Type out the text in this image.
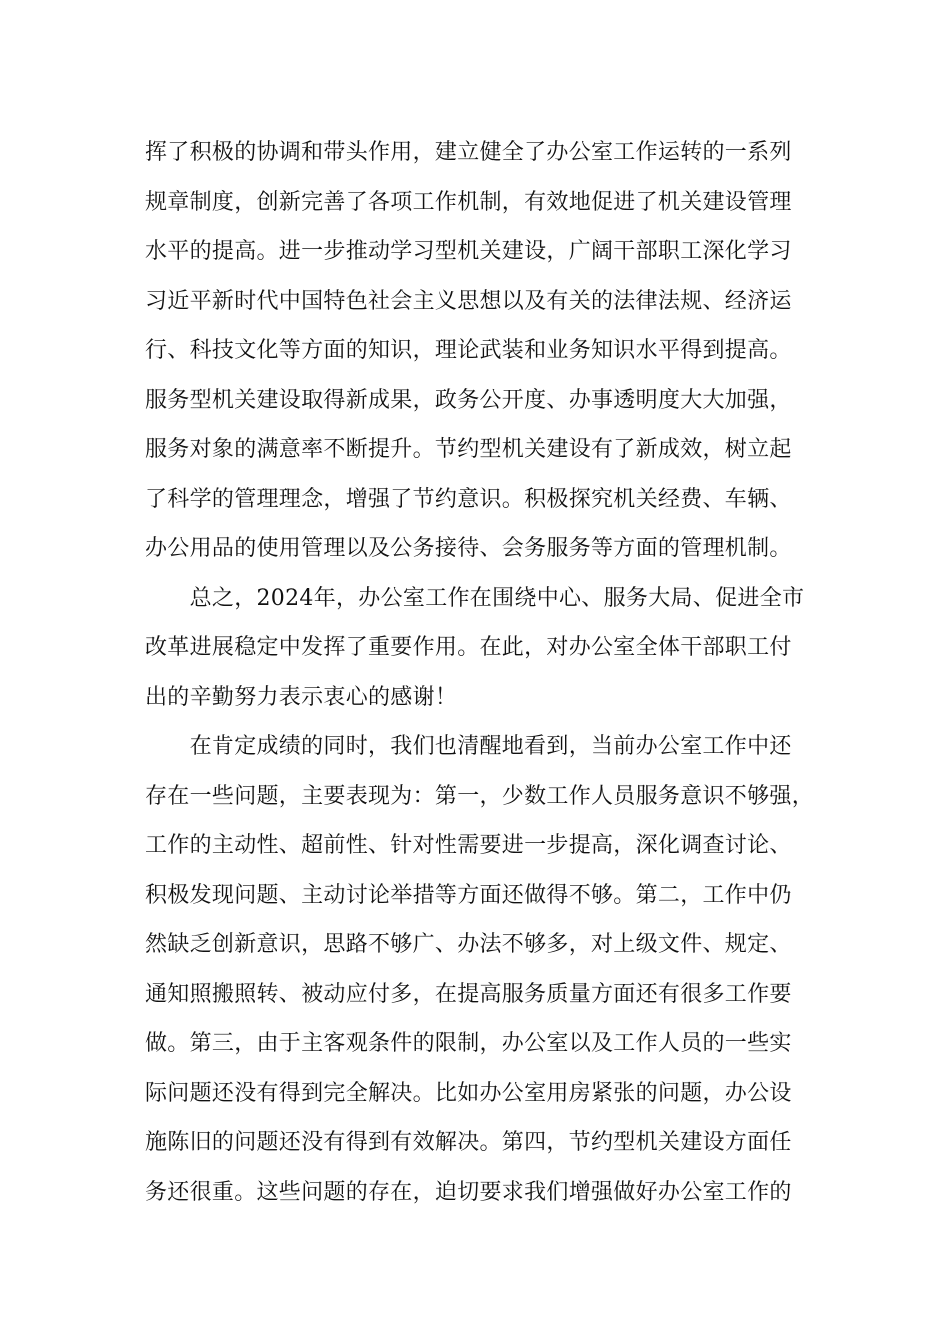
挥了积极的协调和带头作用，建立健全了办公室工作运转的一系列
规章制度，创新完善了各项工作机制，有效地促进了机关建设管理
水平的提高。进一步推动学习型机关建设，广阔干部职工深化学习
习近平新时代中国特色社会主义思想以及有关的法律法规、经济运
行、科技文化等方面的知识，理论武装和业务知识水平得到提高。
服务型机关建设取得新成果，政务公开度、办事透明度大大加强，
服务对象的满意率不断提升。节约型机关建设有了新成效，树立起
了科学的管理理念，增强了节约意识。积极探究机关经费、车辆、
办公用品的使用管理以及公务接待、会务服务等方面的管理机制。
　　总之，2024年，办公室工作在围绕中心、服务大局、促进全市
改革进展稳定中发挥了重要作用。在此，对办公室全体干部职工付
出的辛勤努力表示衷心的感谢！
　　在肯定成绩的同时，我们也清醒地看到，当前办公室工作中还
存在一些问题，主要表现为：第一，少数工作人员服务意识不够强，
工作的主动性、超前性、针对性需要进一步提高，深化调查讨论、
积极发现问题、主动讨论举措等方面还做得不够。第二，工作中仍
然缺乏创新意识，思路不够广、办法不够多，对上级文件、规定、
通知照搬照转、被动应付多，在提高服务质量方面还有很多工作要
做。第三，由于主客观条件的限制，办公室以及工作人员的一些实
际问题还没有得到完全解决。比如办公室用房紧张的问题，办公设
施陈旧的问题还没有得到有效解决。第四，节约型机关建设方面任
务还很重。这些问题的存在，迫切要求我们增强做好办公室工作的
